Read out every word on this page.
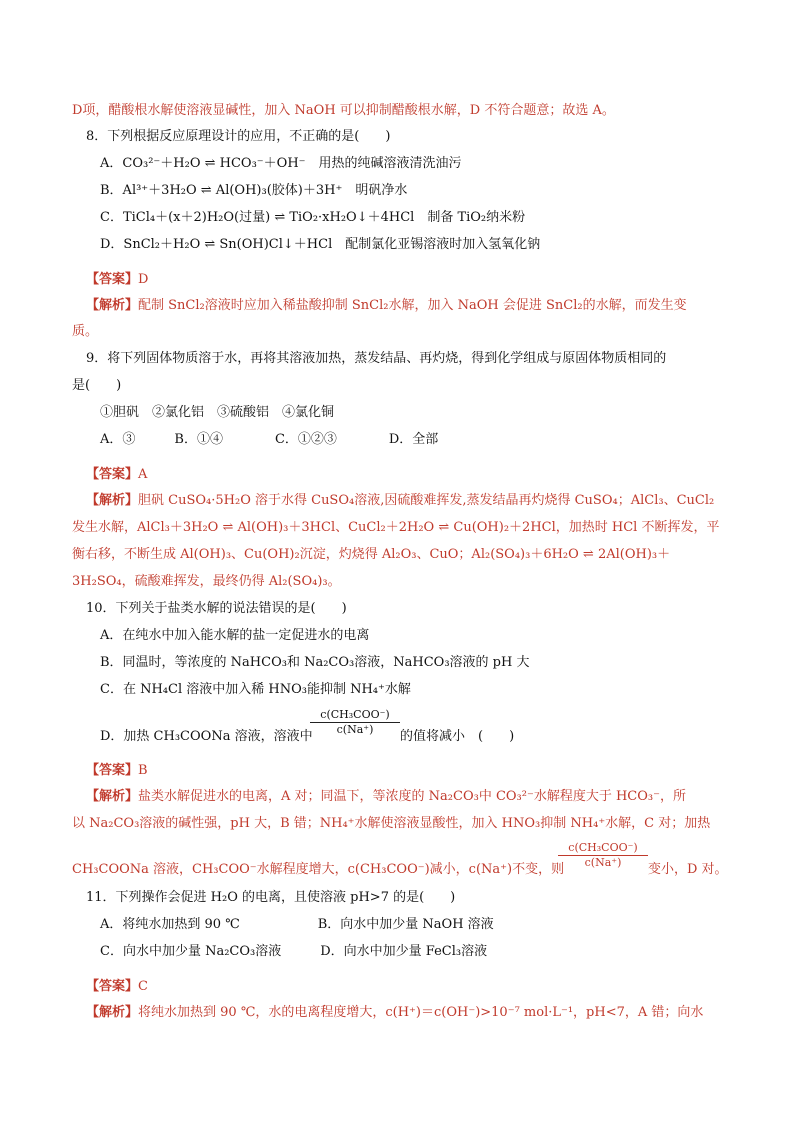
D项，醋酸根水解使溶液显碱性，加入 NaOH 可以抑制醋酸根水解，D 不符合题意；故选 A。
8．下列根据反应原理设计的应用，不正确的是(　　)
A．CO₃²⁻＋H₂O ⇌ HCO₃⁻＋OH⁻　用热的纯碱溶液清洗油污
B．Al³⁺＋3H₂O ⇌ Al(OH)₃(胶体)＋3H⁺　明矾净水
C．TiCl₄＋(x＋2)H₂O(过量) ⇌ TiO₂·xH₂O↓＋4HCl　制备 TiO₂纳米粉
D．SnCl₂＋H₂O ⇌ Sn(OH)Cl↓＋HCl　配制氯化亚锡溶液时加入氢氧化钠
【答案】D
【解析】配制 SnCl₂溶液时应加入稀盐酸抑制 SnCl₂水解，加入 NaOH 会促进 SnCl₂的水解，而发生变
质。
9．将下列固体物质溶于水，再将其溶液加热，蒸发结晶、再灼烧，得到化学组成与原固体物质相同的
是(　　)
①胆矾　②氯化铝　③硫酸铝　④氯化铜
A．③　　　B．①④　　　　C．①②③　　　　D．全部
【答案】A
【解析】胆矾 CuSO₄·5H₂O 溶于水得 CuSO₄溶液,因硫酸难挥发,蒸发结晶再灼烧得 CuSO₄；AlCl₃、CuCl₂
发生水解，AlCl₃＋3H₂O ⇌ Al(OH)₃＋3HCl、CuCl₂＋2H₂O ⇌ Cu(OH)₂＋2HCl，加热时 HCl 不断挥发，平
衡右移，不断生成 Al(OH)₃、Cu(OH)₂沉淀，灼烧得 Al₂O₃、CuO；Al₂(SO₄)₃＋6H₂O ⇌ 2Al(OH)₃＋
3H₂SO₄，硫酸难挥发，最终仍得 Al₂(SO₄)₃。
10．下列关于盐类水解的说法错误的是(　　)
A．在纯水中加入能水解的盐一定促进水的电离
B．同温时，等浓度的 NaHCO₃和 Na₂CO₃溶液，NaHCO₃溶液的 pH 大
C．在 NH₄Cl 溶液中加入稀 HNO₃能抑制 NH₄⁺水解
D．加热 CH₃COONa 溶液，溶液中
c(CH₃COO⁻)
c(Na⁺)	的值将减小　(　　)
【答案】B
【解析】盐类水解促进水的电离，A 对；同温下，等浓度的 Na₂CO₃中 CO₃²⁻水解程度大于 HCO₃⁻，所
以 Na₂CO₃溶液的碱性强，pH 大，B 错；NH₄⁺水解使溶液显酸性，加入 HNO₃抑制 NH₄⁺水解，C 对；加热
CH₃COONa 溶液，CH₃COO⁻水解程度增大，c(CH₃COO⁻)减小，c(Na⁺)不变，则
c(CH₃COO⁻)
c(Na⁺)	变小，D 对。
11．下列操作会促进 H₂O 的电离，且使溶液 pH>7 的是(　　)
A．将纯水加热到 90 ℃　　　　　　B．向水中加少量 NaOH 溶液
C．向水中加少量 Na₂CO₃溶液　　　D．向水中加少量 FeCl₃溶液
【答案】C
【解析】将纯水加热到 90 ℃，水的电离程度增大，c(H⁺)＝c(OH⁻)>10⁻⁷ mol·L⁻¹，pH<7，A 错；向水
